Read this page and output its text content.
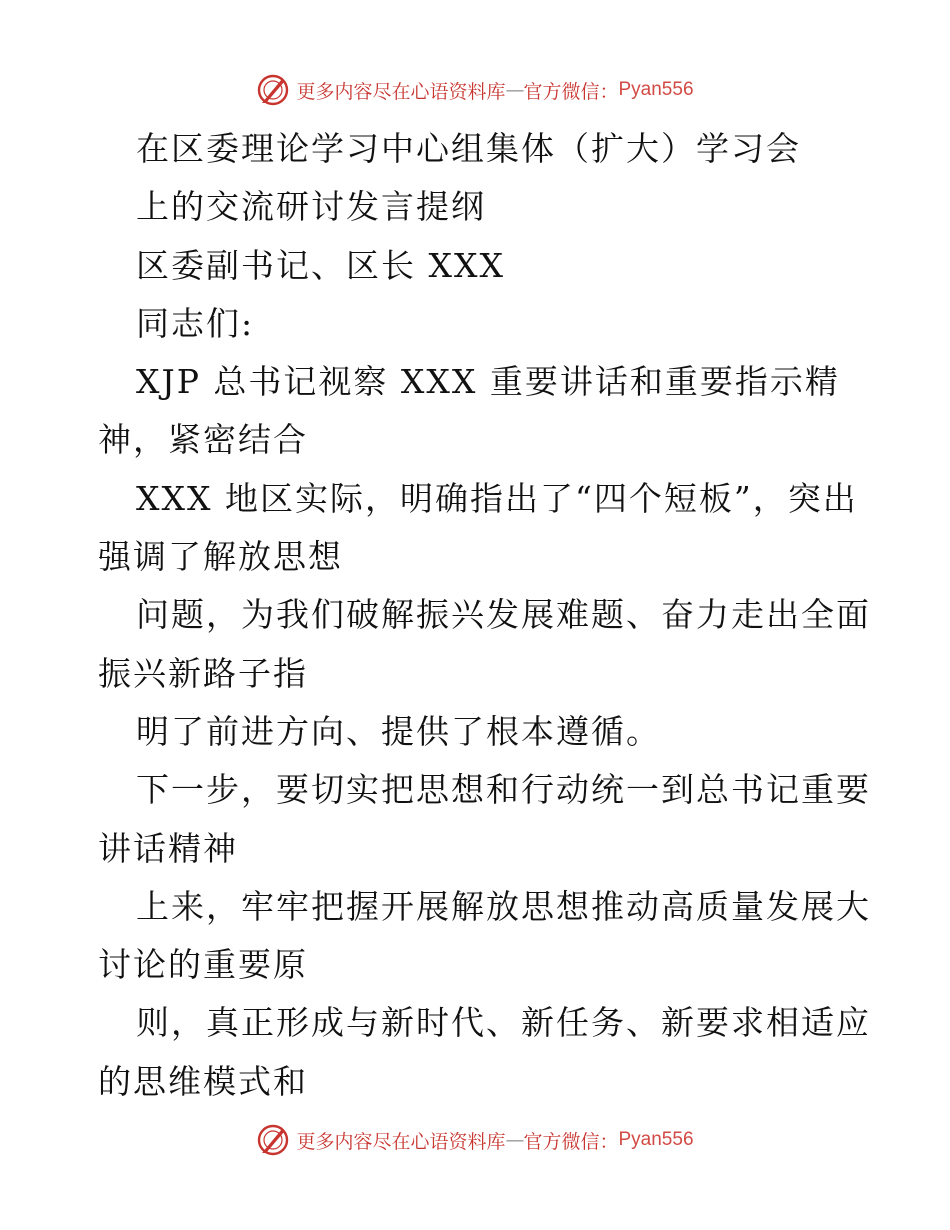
更多内容尽在心语资料库 — 官方微信： Pyan556
在区委理论学习中心组集体（扩大）学习会
上的交流研讨发言提纲
区委副书记、区长 XXX
同志们:
XJP 总书记视察 XXX 重要讲话和重要指示精
神，紧密结合
XXX 地区实际，明确指出了“四个短板”，突出
强调了解放思想
问题，为我们破解振兴发展难题、奋力走出全面
振兴新路子指
明了前进方向、提供了根本遵循。
下一步，要切实把思想和行动统一到总书记重要
讲话精神
上来，牢牢把握开展解放思想推动高质量发展大
讨论的重要原
则，真正形成与新时代、新任务、新要求相适应
的思维模式和
更多内容尽在心语资料库 — 官方微信： Pyan556
